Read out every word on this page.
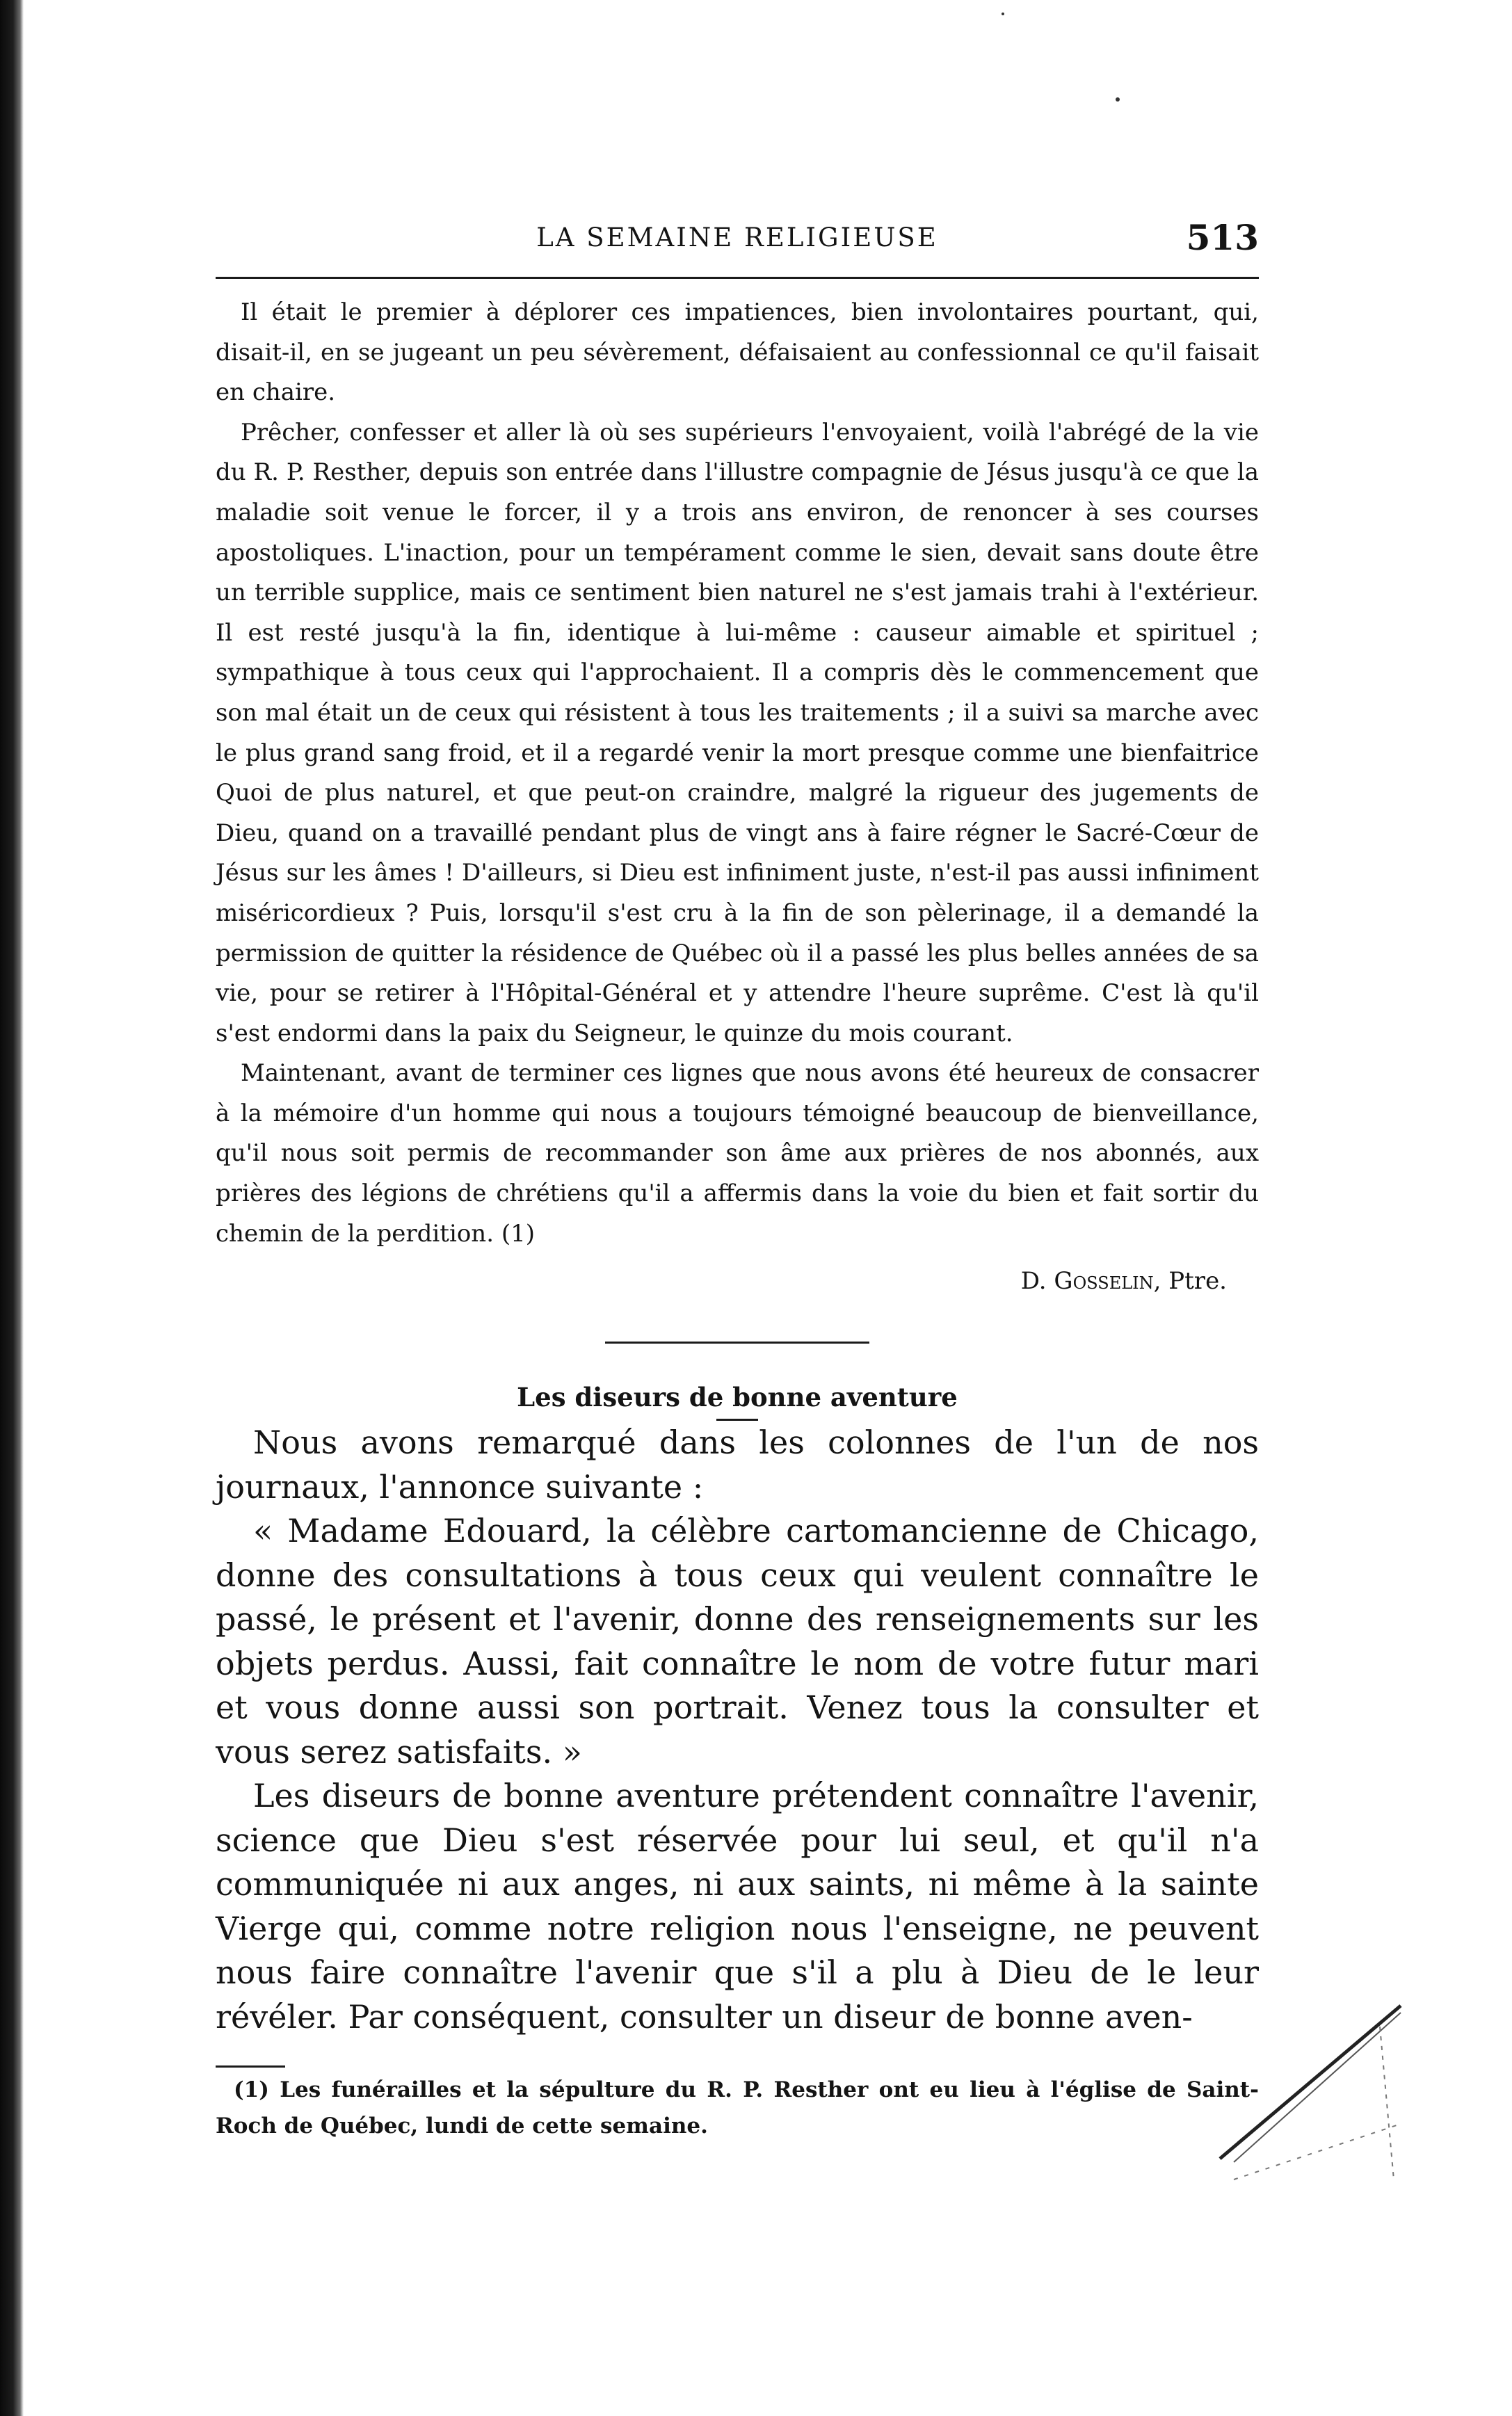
LA SEMAINE RELIGIEUSE	513

Il était le premier à déplorer ces impatiences, bien involontaires pourtant, qui, disait-il, en se jugeant un peu sévèrement, défaisaient au confessionnal ce qu'il faisait en chaire.

Prêcher, confesser et aller là où ses supérieurs l'envoyaient, voilà l'abrégé de la vie du R. P. Resther, depuis son entrée dans l'illustre compagnie de Jésus jusqu'à ce que la maladie soit venue le forcer, il y a trois ans environ, de renoncer à ses courses apostoliques. L'inaction, pour un tempérament comme le sien, devait sans doute être un terrible supplice, mais ce sentiment bien naturel ne s'est jamais trahi à l'extérieur. Il est resté jusqu'à la fin, identique à lui-même : causeur aimable et spirituel ; sympathique à tous ceux qui l'approchaient. Il a compris dès le commencement que son mal était un de ceux qui résistent à tous les traitements ; il a suivi sa marche avec le plus grand sang froid, et il a regardé venir la mort presque comme une bienfaitrice Quoi de plus naturel, et que peut-on craindre, malgré la rigueur des jugements de Dieu, quand on a travaillé pendant plus de vingt ans à faire régner le Sacré-Cœur de Jésus sur les âmes ! D'ailleurs, si Dieu est infiniment juste, n'est-il pas aussi infiniment miséricordieux ? Puis, lorsqu'il s'est cru à la fin de son pèlerinage, il a demandé la permission de quitter la résidence de Québec où il a passé les plus belles années de sa vie, pour se retirer à l'Hôpital-Général et y attendre l'heure suprême. C'est là qu'il s'est endormi dans la paix du Seigneur, le quinze du mois courant.

Maintenant, avant de terminer ces lignes que nous avons été heureux de consacrer à la mémoire d'un homme qui nous a toujours témoigné beaucoup de bienveillance, qu'il nous soit permis de recommander son âme aux prières de nos abonnés, aux prières des légions de chrétiens qu'il a affermis dans la voie du bien et fait sortir du chemin de la perdition. (1)

D. Gosselin, Ptre.
Les diseurs de bonne aventure

Nous avons remarqué dans les colonnes de l'un de nos journaux, l'annonce suivante :

« Madame Edouard, la célèbre cartomancienne de Chicago, donne des consultations à tous ceux qui veulent connaître le passé, le présent et l'avenir, donne des renseignements sur les objets perdus. Aussi, fait connaître le nom de votre futur mari et vous donne aussi son portrait. Venez tous la consulter et vous serez satisfaits. »

Les diseurs de bonne aventure prétendent connaître l'avenir, science que Dieu s'est réservée pour lui seul, et qu'il n'a communiquée ni aux anges, ni aux saints, ni même à la sainte Vierge qui, comme notre religion nous l'enseigne, ne peuvent nous faire connaître l'avenir que s'il a plu à Dieu de le leur révéler. Par conséquent, consulter un diseur de bonne aven-

(1) Les funérailles et la sépulture du R. P. Resther ont eu lieu à l'église de Saint-Roch de Québec, lundi de cette semaine.
